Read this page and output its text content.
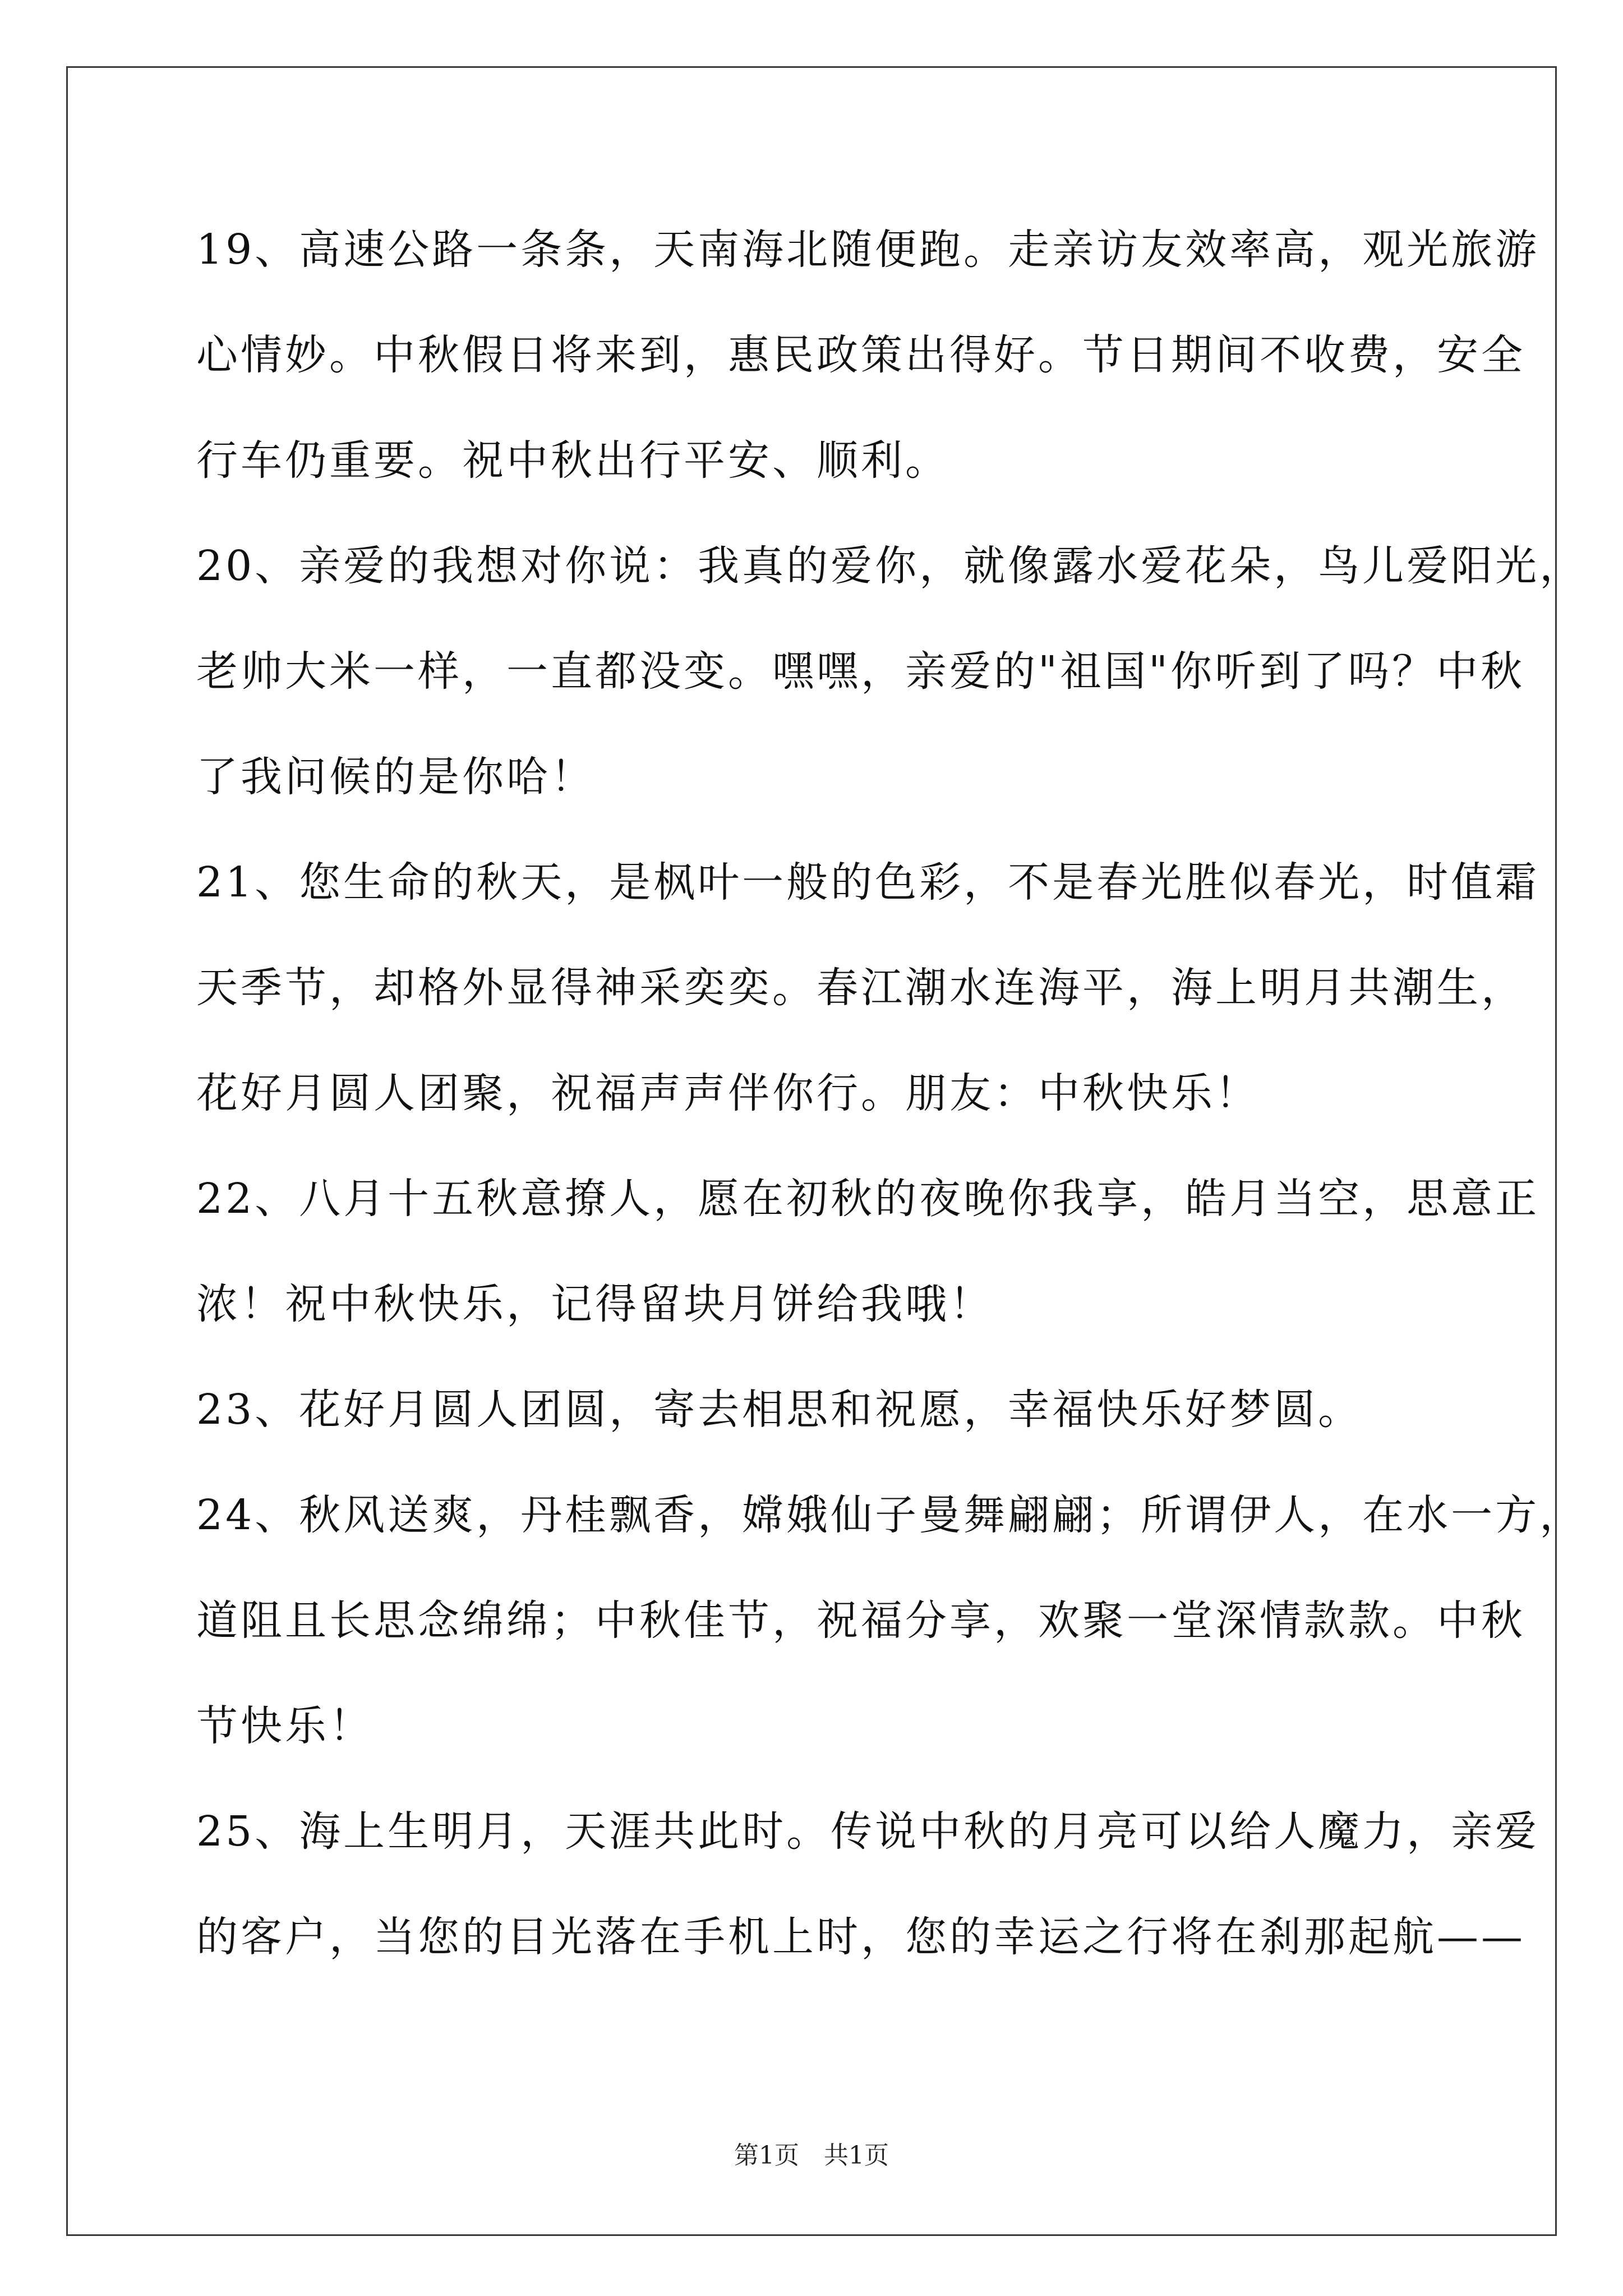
19、高速公路一条条，天南海北随便跑。走亲访友效率高，观光旅游
心情妙。中秋假日将来到，惠民政策出得好。节日期间不收费，安全
行车仍重要。祝中秋出行平安、顺利。
20、亲爱的我想对你说：我真的爱你，就像露水爱花朵，鸟儿爱阳光，
老帅大米一样，一直都没变。嘿嘿，亲爱的"祖国"你听到了吗？中秋
了我问候的是你哈！
21、您生命的秋天，是枫叶一般的色彩，不是春光胜似春光，时值霜
天季节，却格外显得神采奕奕。春江潮水连海平，海上明月共潮生，
花好月圆人团聚，祝福声声伴你行。朋友：中秋快乐！
22、八月十五秋意撩人，愿在初秋的夜晚你我享，皓月当空，思意正
浓！祝中秋快乐，记得留块月饼给我哦！
23、花好月圆人团圆，寄去相思和祝愿，幸福快乐好梦圆。
24、秋风送爽，丹桂飘香，嫦娥仙子曼舞翩翩；所谓伊人，在水一方，
道阻且长思念绵绵；中秋佳节，祝福分享，欢聚一堂深情款款。中秋
节快乐！
25、海上生明月，天涯共此时。传说中秋的月亮可以给人魔力，亲爱
的客户，当您的目光落在手机上时，您的幸运之行将在刹那起航——
第1页　共1页
